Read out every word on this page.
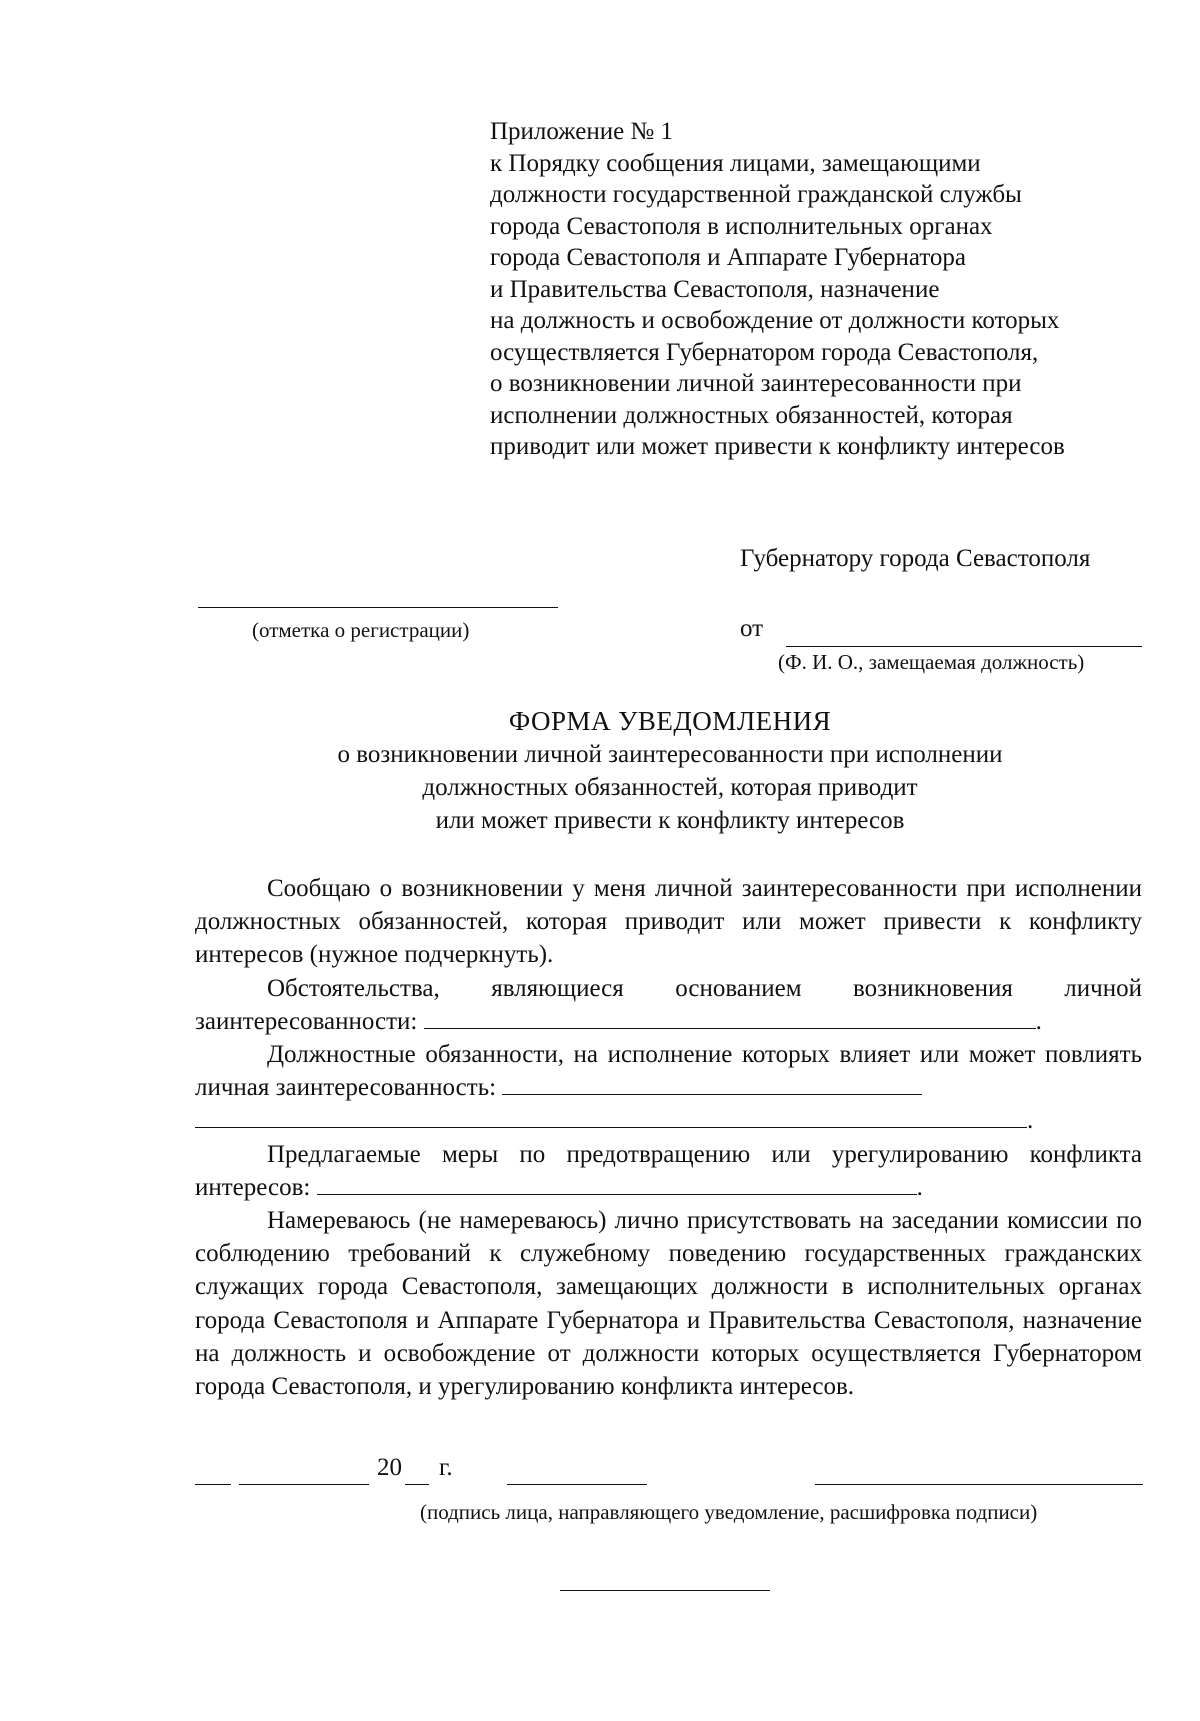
Приложение № 1
к Порядку сообщения лицами, замещающими
должности государственной гражданской службы
города Севастополя в исполнительных органах
города Севастополя и Аппарате Губернатора
и Правительства Севастополя, назначение
на должность и освобождение от должности которых
осуществляется Губернатором города Севастополя,
о возникновении личной заинтересованности при
исполнении должностных обязанностей, которая
приводит или может привести к конфликту интересов
Губернатору города Севастополя
(отметка о регистрации)	от
(Ф. И. О., замещаемая должность)
ФОРМА УВЕДОМЛЕНИЯ
о возникновении личной заинтересованности при исполнении
должностных обязанностей, которая приводит
или может привести к конфликту интересов
Сообщаю о возникновении у меня личной заинтересованности при исполнении должностных обязанностей, которая приводит или может привести к конфликту интересов (нужное подчеркнуть).
Обстоятельства, являющиеся основанием возникновения личной заинтересованности:	.
Должностные обязанности, на исполнение которых влияет или может повлиять личная заинтересованность:
.
Предлагаемые меры по предотвращению или урегулированию конфликта интересов:	.
Намереваюсь (не намереваюсь) лично присутствовать на заседании комиссии по соблюдению требований к служебному поведению государственных гражданских служащих города Севастополя, замещающих должности в исполнительных органах города Севастополя и Аппарате Губернатора и Правительства Севастополя, назначение на должность и освобождение от должности которых осуществляется Губернатором города Севастополя, и урегулированию конфликта интересов.
20 г.
(подпись лица, направляющего уведомление, расшифровка подписи)
